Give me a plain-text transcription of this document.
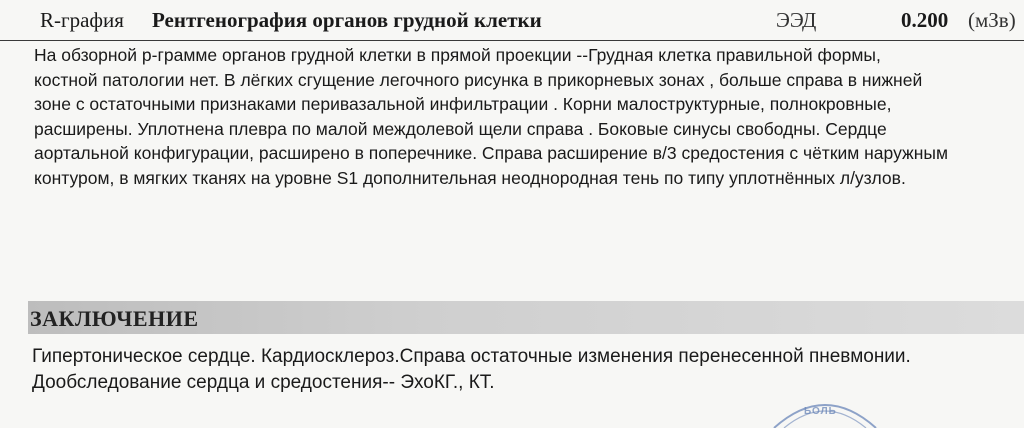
R-графия Рентгенография органов грудной клетки	ЭЭД	0.200 (мЗв)
На обзорной р-грамме органов грудной клетки в прямой проекции --Грудная клетка правильной формы,
костной патологии нет. В лёгких сгущение легочного рисунка в прикорневых зонах , больше справа в нижней
зоне с остаточными признаками перивазальной инфильтрации . Корни малоструктурные, полнокровные,
расширены. Уплотнена плевра по малой междолевой щели справа . Боковые синусы свободны. Сердце
аортальной конфигурации, расширено в поперечнике. Справа расширение в/3 средостения с чётким наружным
контуром, в мягких тканях на уровне S1 дополнительная неоднородная тень по типу уплотнённых л/узлов.
ЗАКЛЮЧЕНИЕ
Гипертоническое сердце. Кардиосклероз.Справа остаточные изменения перенесенной пневмонии.
Дообследование сердца и средостения-- ЭхоКГ., КТ.
ЬОЛЬ
